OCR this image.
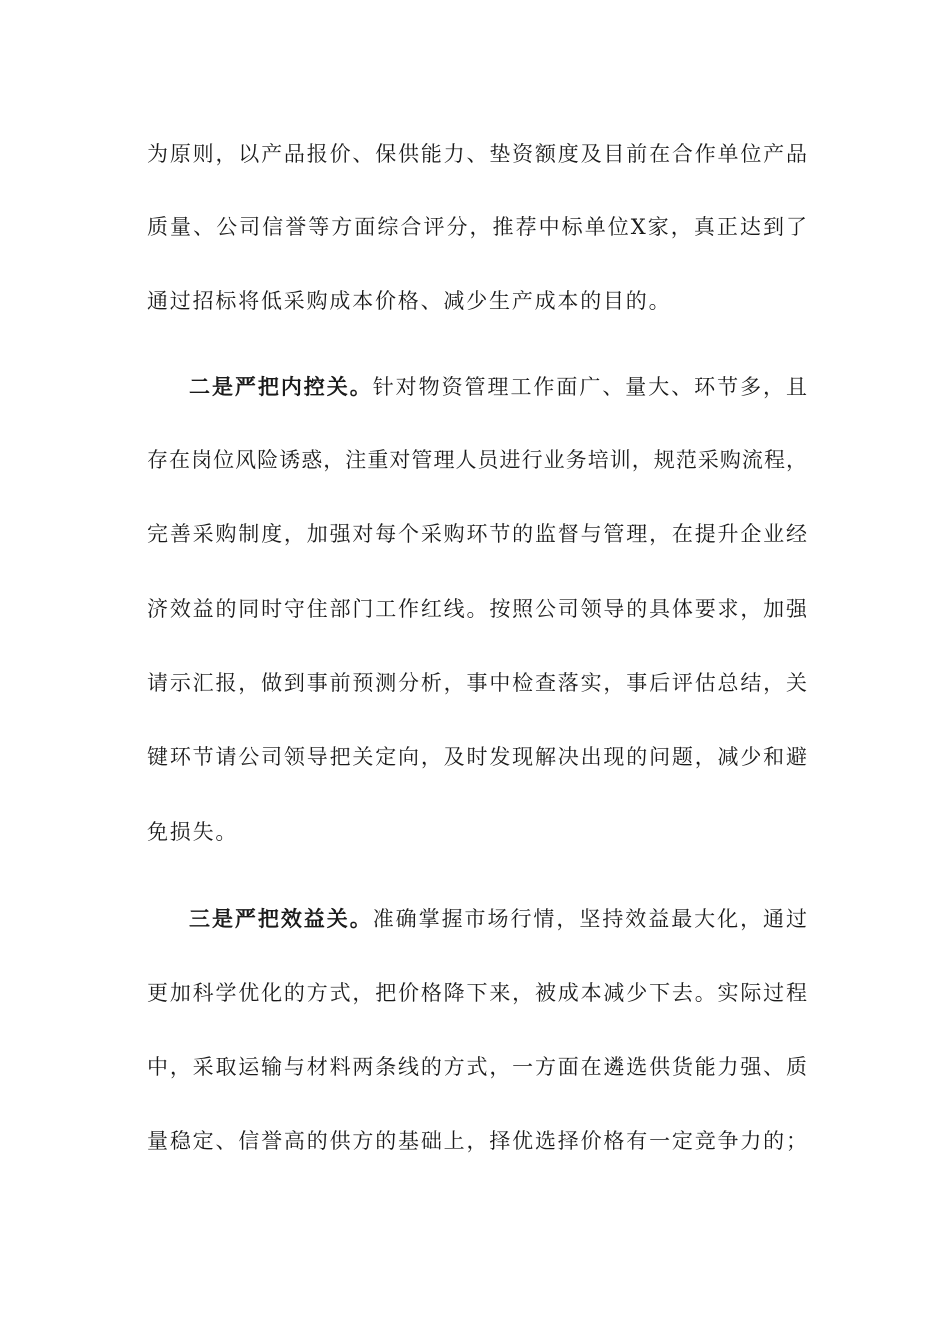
为原则，以产品报价、保供能力、垫资额度及目前在合作单位产品
质量、公司信誉等方面综合评分，推荐中标单位X家，真正达到了
通过招标将低采购成本价格、减少生产成本的目的。
二是严把内控关。针对物资管理工作面广、量大、环节多，且
存在岗位风险诱惑，注重对管理人员进行业务培训，规范采购流程，
完善采购制度，加强对每个采购环节的监督与管理，在提升企业经
济效益的同时守住部门工作红线。按照公司领导的具体要求，加强
请示汇报，做到事前预测分析，事中检查落实，事后评估总结，关
键环节请公司领导把关定向，及时发现解决出现的问题，减少和避
免损失。
三是严把效益关。准确掌握市场行情，坚持效益最大化，通过
更加科学优化的方式，把价格降下来，被成本减少下去。实际过程
中，采取运输与材料两条线的方式，一方面在遴选供货能力强、质
量稳定、信誉高的供方的基础上，择优选择价格有一定竞争力的；
